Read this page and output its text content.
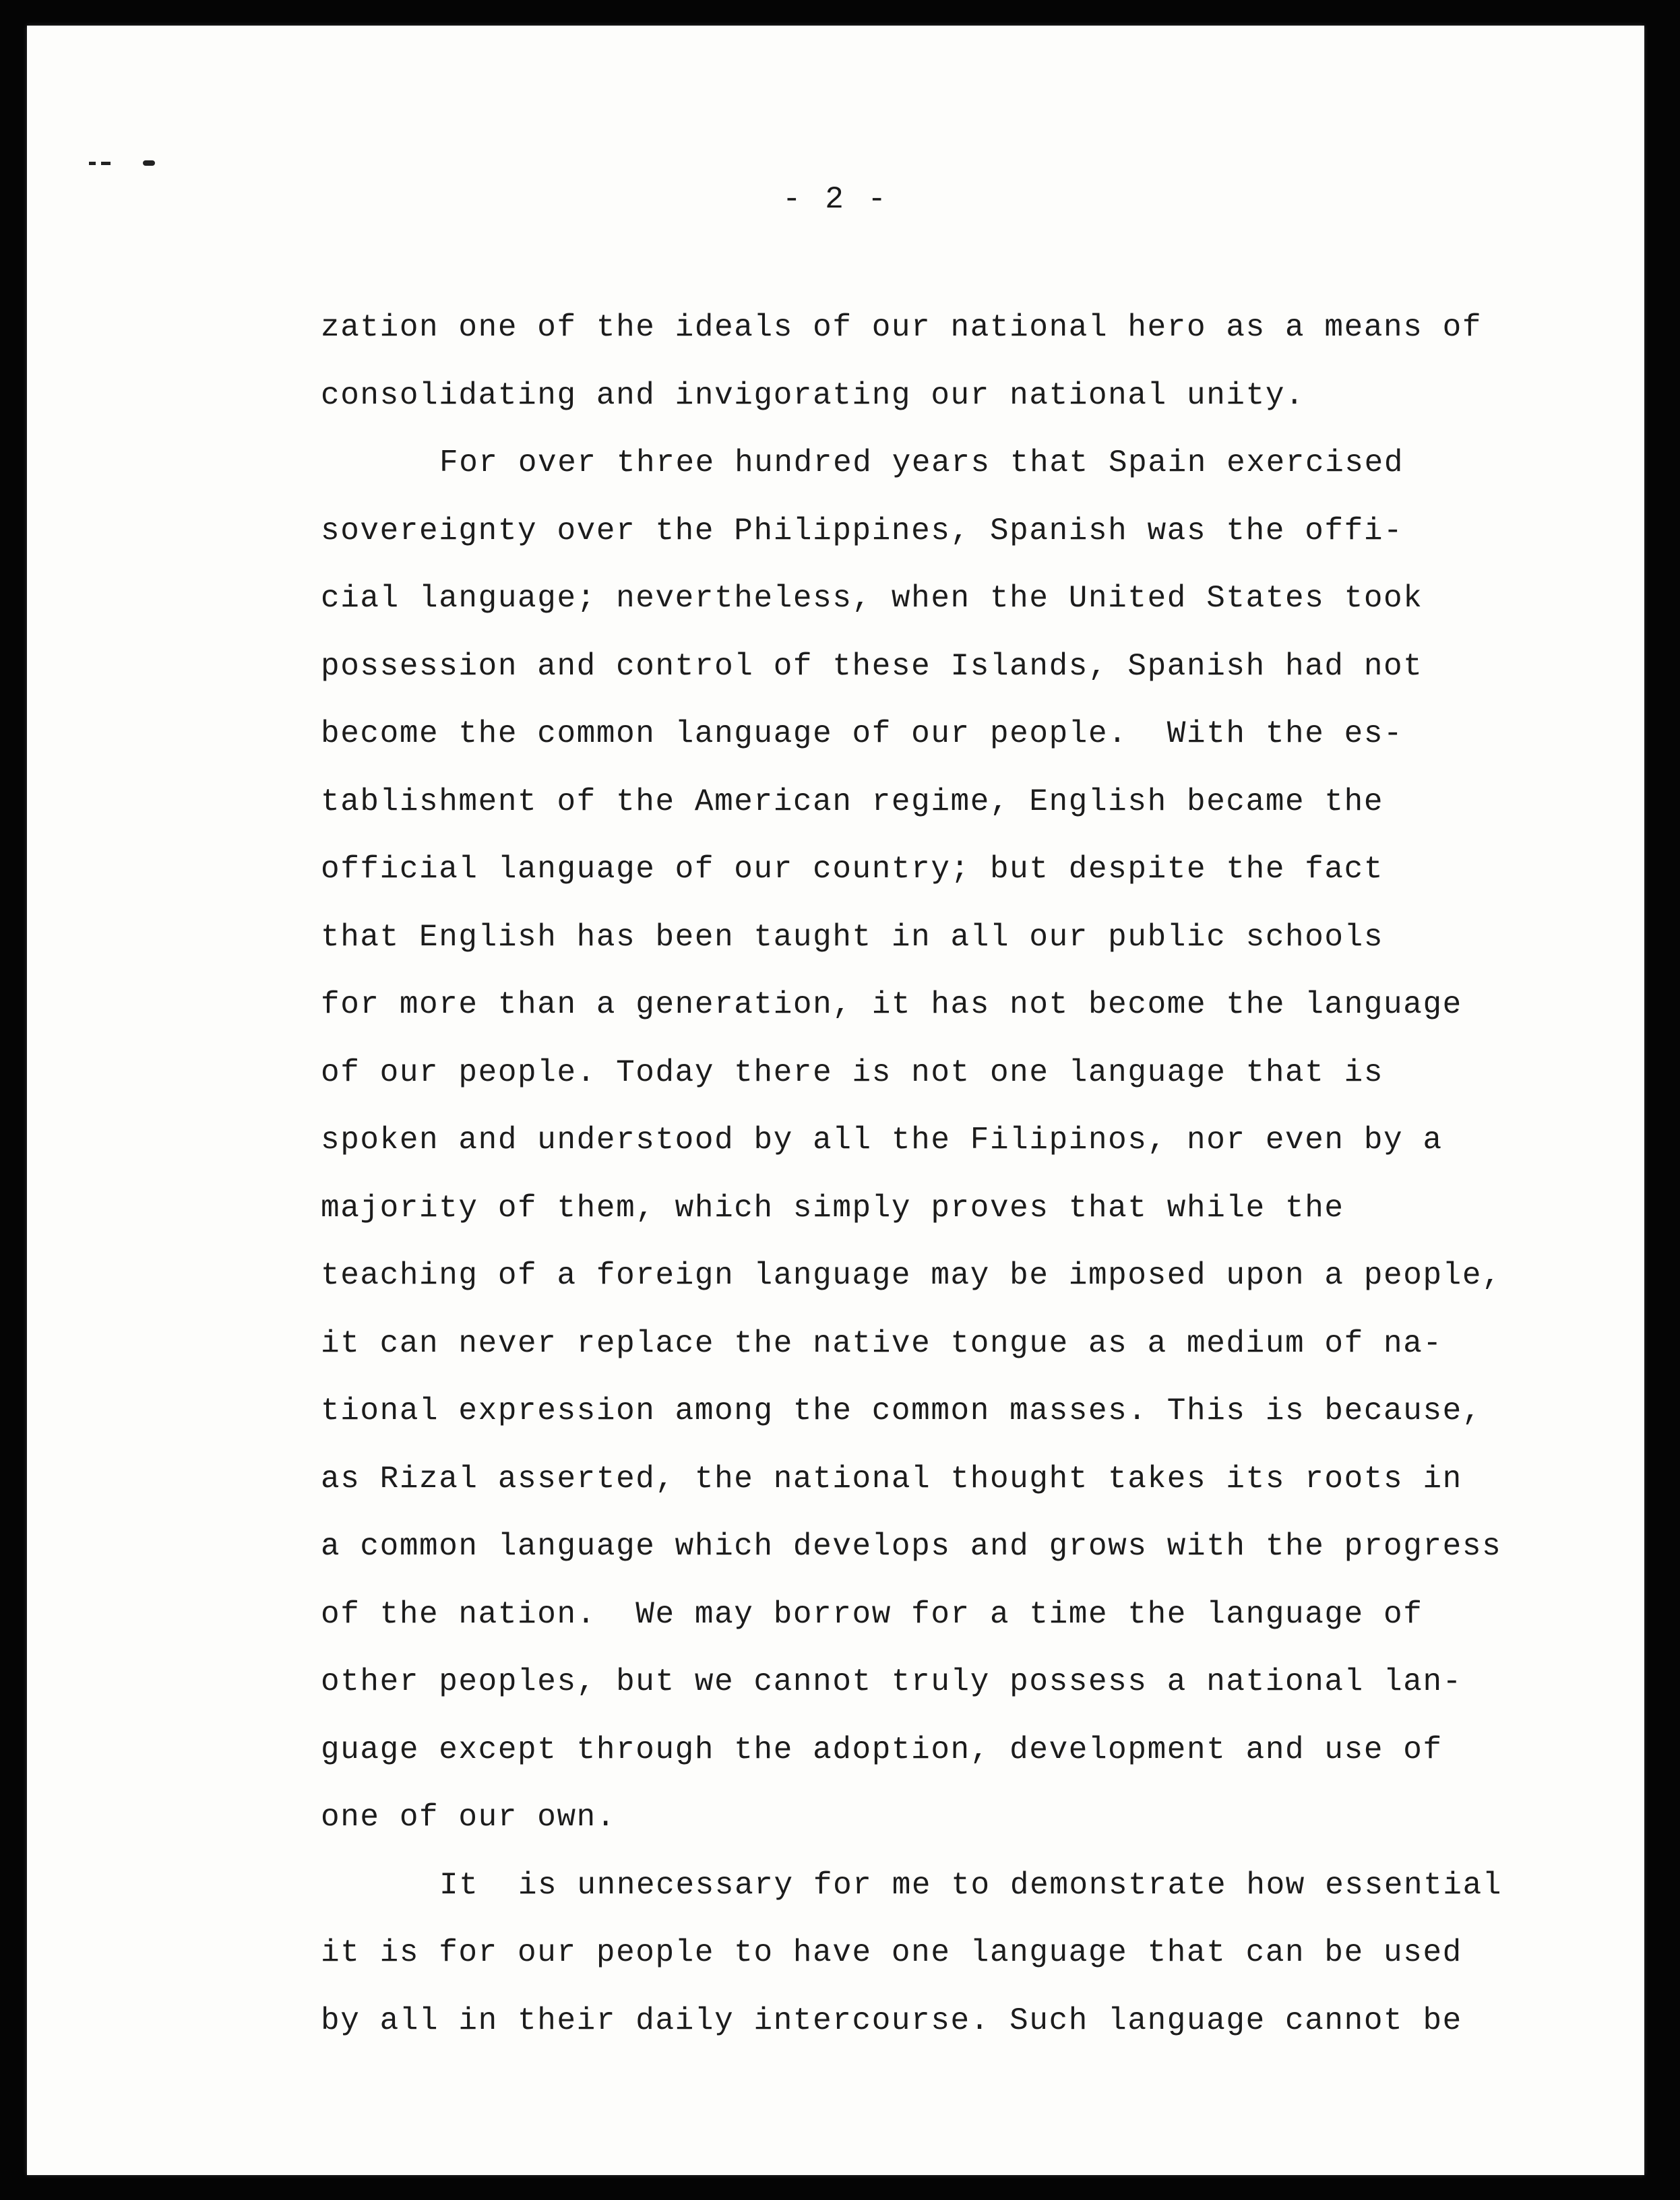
- 2 -
zation one of the ideals of our national hero as a means of
consolidating and invigorating our national unity.
For over three hundred years that Spain exercised
sovereignty over the Philippines, Spanish was the offi-
cial language; nevertheless, when the United States took
possession and control of these Islands, Spanish had not
become the common language of our people.  With the es-
tablishment of the American regime, English became the
official language of our country; but despite the fact
that English has been taught in all our public schools
for more than a generation, it has not become the language
of our people. Today there is not one language that is
spoken and understood by all the Filipinos, nor even by a
majority of them, which simply proves that while the
teaching of a foreign language may be imposed upon a people,
it can never replace the native tongue as a medium of na-
tional expression among the common masses. This is because,
as Rizal asserted, the national thought takes its roots in
a common language which develops and grows with the progress
of the nation.  We may borrow for a time the language of
other peoples, but we cannot truly possess a national lan-
guage except through the adoption, development and use of
one of our own.
It  is unnecessary for me to demonstrate how essential
it is for our people to have one language that can be used
by all in their daily intercourse. Such language cannot be
